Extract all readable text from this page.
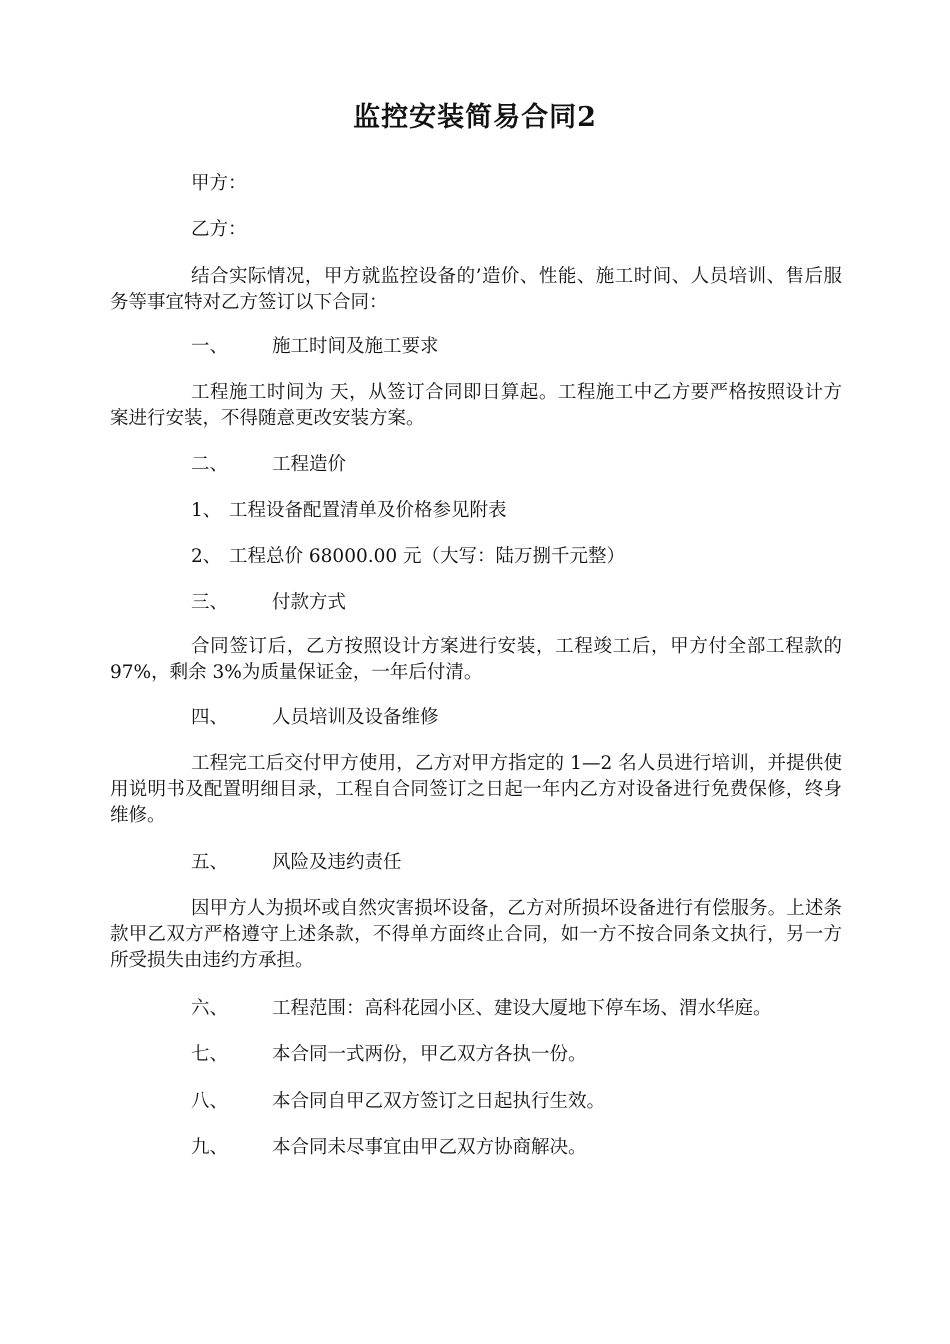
监控安装简易合同2
甲方：
乙方：
结合实际情况，甲方就监控设备的’造价、性能、施工时间、人员培训、售后服务等事宜特对乙方签订以下合同：
一、 施工时间及施工要求
工程施工时间为 天，从签订合同即日算起。工程施工中乙方要严格按照设计方案进行安装，不得随意更改安装方案。
二、 工程造价
1、 工程设备配置清单及价格参见附表
2、 工程总价 68000.00 元（大写：陆万捌千元整）
三、 付款方式
合同签订后，乙方按照设计方案进行安装，工程竣工后，甲方付全部工程款的 97%，剩余 3%为质量保证金，一年后付清。
四、 人员培训及设备维修
工程完工后交付甲方使用，乙方对甲方指定的 1—2 名人员进行培训，并提供使用说明书及配置明细目录，工程自合同签订之日起一年内乙方对设备进行免费保修，终身维修。
五、 风险及违约责任
因甲方人为损坏或自然灾害损坏设备，乙方对所损坏设备进行有偿服务。上述条款甲乙双方严格遵守上述条款，不得单方面终止合同，如一方不按合同条文执行，另一方所受损失由违约方承担。
六、 工程范围：高科花园小区、建设大厦地下停车场、渭水华庭。
七、 本合同一式两份，甲乙双方各执一份。
八、 本合同自甲乙双方签订之日起执行生效。
九、 本合同未尽事宜由甲乙双方协商解决。
